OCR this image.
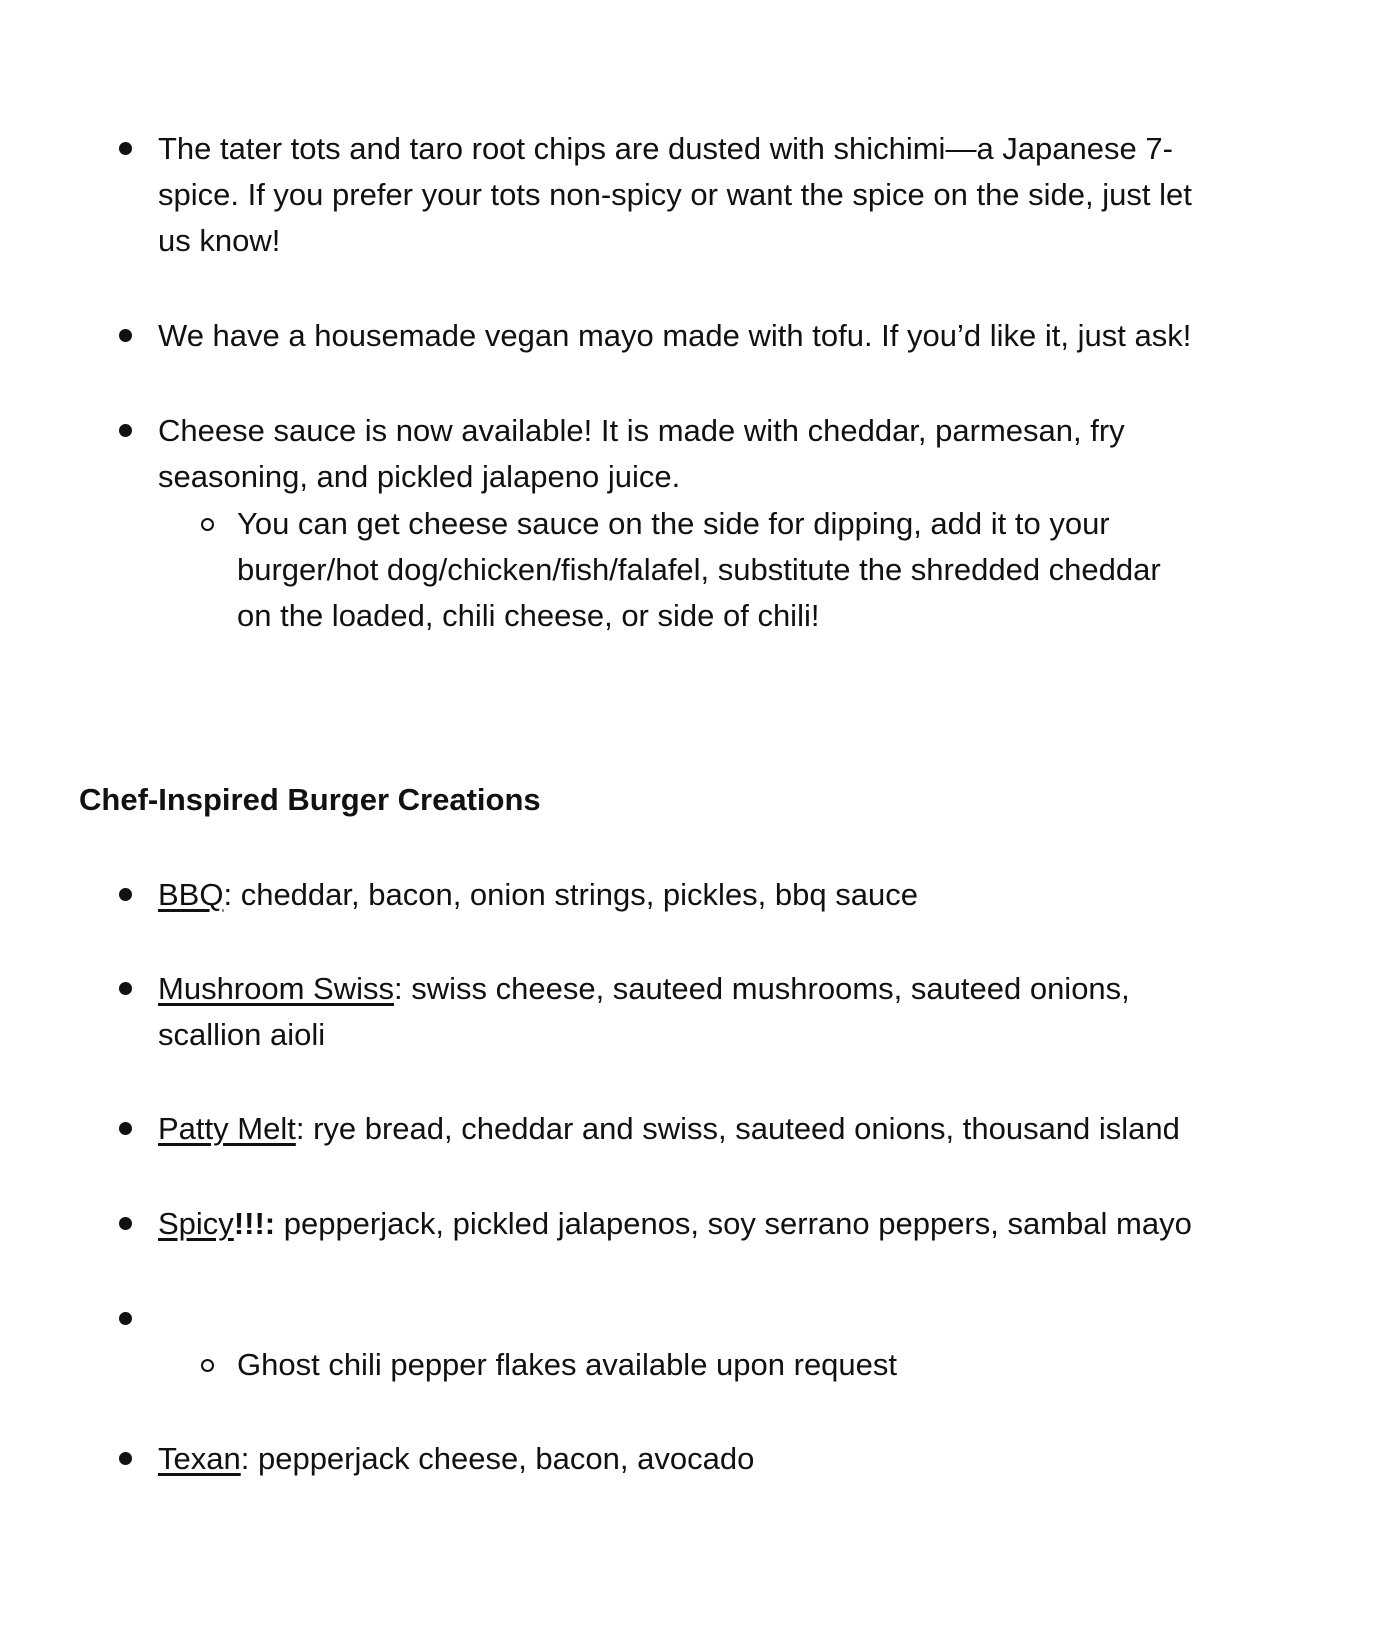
The tater tots and taro root chips are dusted with shichimi—a Japanese 7-
spice. If you prefer your tots non-spicy or want the spice on the side, just let
us know!
We have a housemade vegan mayo made with tofu. If you’d like it, just ask!
Cheese sauce is now available! It is made with cheddar, parmesan, fry
seasoning, and pickled jalapeno juice.
You can get cheese sauce on the side for dipping, add it to your
burger/hot dog/chicken/fish/falafel, substitute the shredded cheddar
on the loaded, chili cheese, or side of chili!
Chef-Inspired Burger Creations
BBQ: cheddar, bacon, onion strings, pickles, bbq sauce
Mushroom Swiss: swiss cheese, sauteed mushrooms, sauteed onions,
scallion aioli
Patty Melt: rye bread, cheddar and swiss, sauteed onions, thousand island
Spicy!!!: pepperjack, pickled jalapenos, soy serrano peppers, sambal mayo
Ghost chili pepper flakes available upon request
Texan: pepperjack cheese, bacon, avocado
